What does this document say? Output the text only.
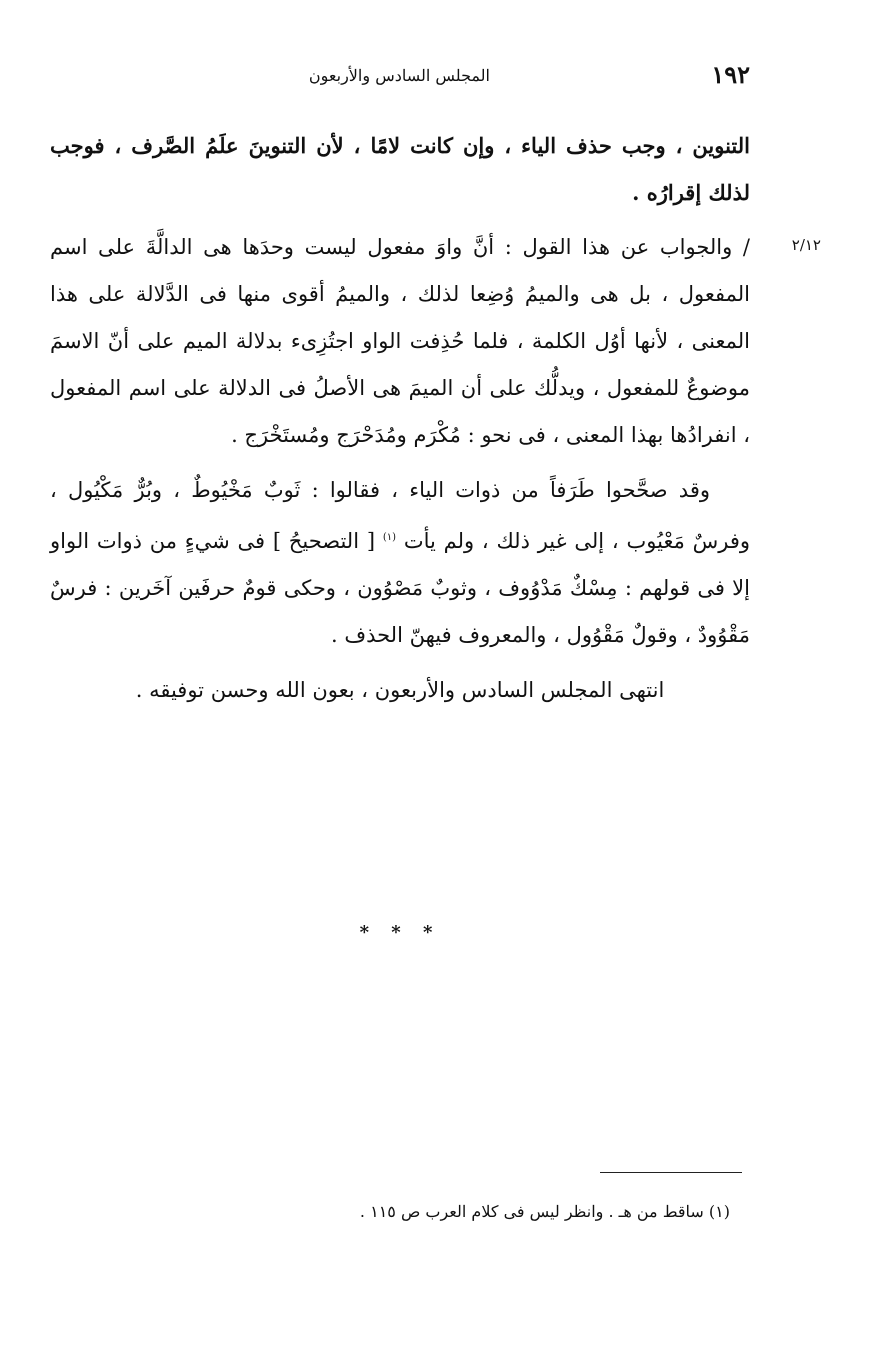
١٩٢
المجلس السادس والأربعون
٢/١٢

التنوين ، وجب حذف الياء ، وإن كانت لامًا ، لأن التنوينَ علَمُ الصَّرف ، فوجب لذلك إقرارُه .

/ والجواب عن هذا القول : أنَّ واوَ مفعول ليست وحدَها هى الدالَّةَ على اسم المفعول ، بل هى والميمُ وُضِعا لذلك ، والميمُ أقوى منها فى الدَّلالة على هذا المعنى ، لأنها أوُل الكلمة ، فلما حُذِفت الواو اجتُزِىء بدلالة الميم على أنّ الاسمَ موضوعٌ للمفعول ، ويدلُّك على أن الميمَ هى الأصلُ فى الدلالة على اسم المفعول ، انفرادُها بهذا المعنى ، فى نحو : مُكْرَم ومُدَحْرَج ومُستَخْرَج .

وقد صحَّحوا طَرَفاً من ذوات الياء ، فقالوا : ثَوبٌ مَخْيُوطٌ ، وبُرٌّ مَكْيُول ، وفرسٌ مَعْيُوب ، إلى غير ذلك ، ولم يأت $^{(١)}$ [ التصحيحُ ] فى شيءٍ من ذوات الواو إلا فى قولهم : مِسْكٌ مَدْوُوف ، وثوبٌ مَصْوُون ، وحكى قومٌ حرفَين آخَرين : فرسٌ مَقْوُودٌ ، وقولٌ مَقْوُول ، والمعروف فيهنّ الحذف .

انتهى المجلس السادس والأربعون ، بعون الله وحسن توفيقه .

* * *
(١) ساقط من هـ . وانظر ليس فى كلام العرب ص ١١٥ .
